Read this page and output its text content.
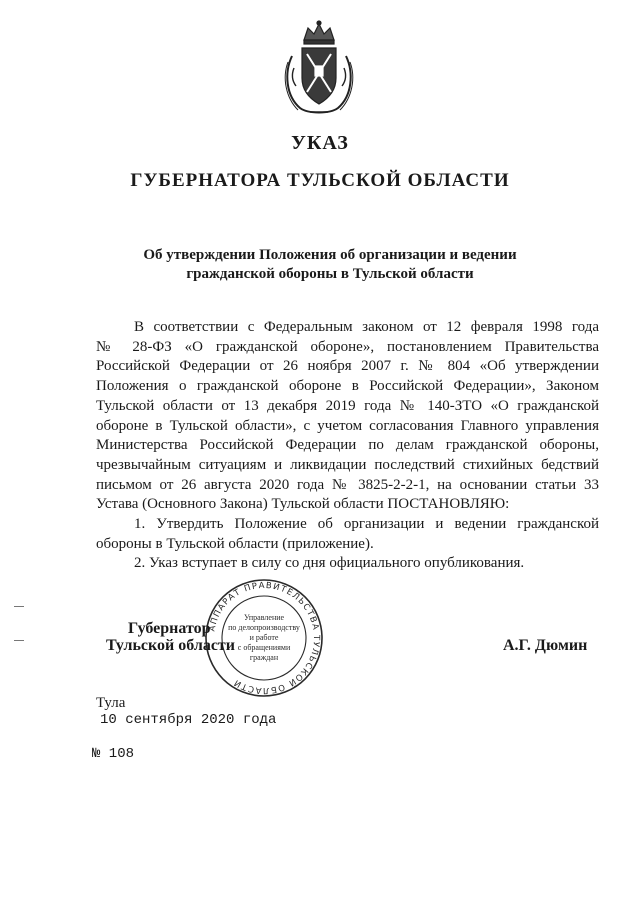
УКАЗ
ГУБЕРНАТОРА ТУЛЬСКОЙ ОБЛАСТИ
Об утверждении Положения об организации и ведении
гражданской обороны в Тульской области
В соответствии с Федеральным законом от 12 февраля 1998 года
№ 28-ФЗ «О гражданской обороне», постановлением Правительства
Российской Федерации от 26 ноября 2007 г. № 804 «Об утверждении
Положения о гражданской обороне в Российской Федерации», Законом
Тульской области от 13 декабря 2019 года № 140-ЗТО «О гражданской
обороне в Тульской области», с учетом согласования Главного управления
Министерства Российской Федерации по делам гражданской обороны,
чрезвычайным ситуациям и ликвидации последствий стихийных бедствий
письмом от 26 августа 2020 года № 3825-2-2-1, на основании статьи 33
Устава (Основного Закона) Тульской области ПОСТАНОВЛЯЮ:
1. Утвердить Положение об организации и ведении гражданской
обороны в Тульской области (приложение).
2. Указ вступает в силу со дня официального опубликования.
АППАРАТ ПРАВИТЕЛЬСТВА ТУЛЬСКОЙ ОБЛАСТИ
Управление
по делопроизводству
и работе
с обращениями
граждан
Губернатор
Тульской области	А.Г. Дюмин
Тула
10 сентября 2020 года
№ 108
